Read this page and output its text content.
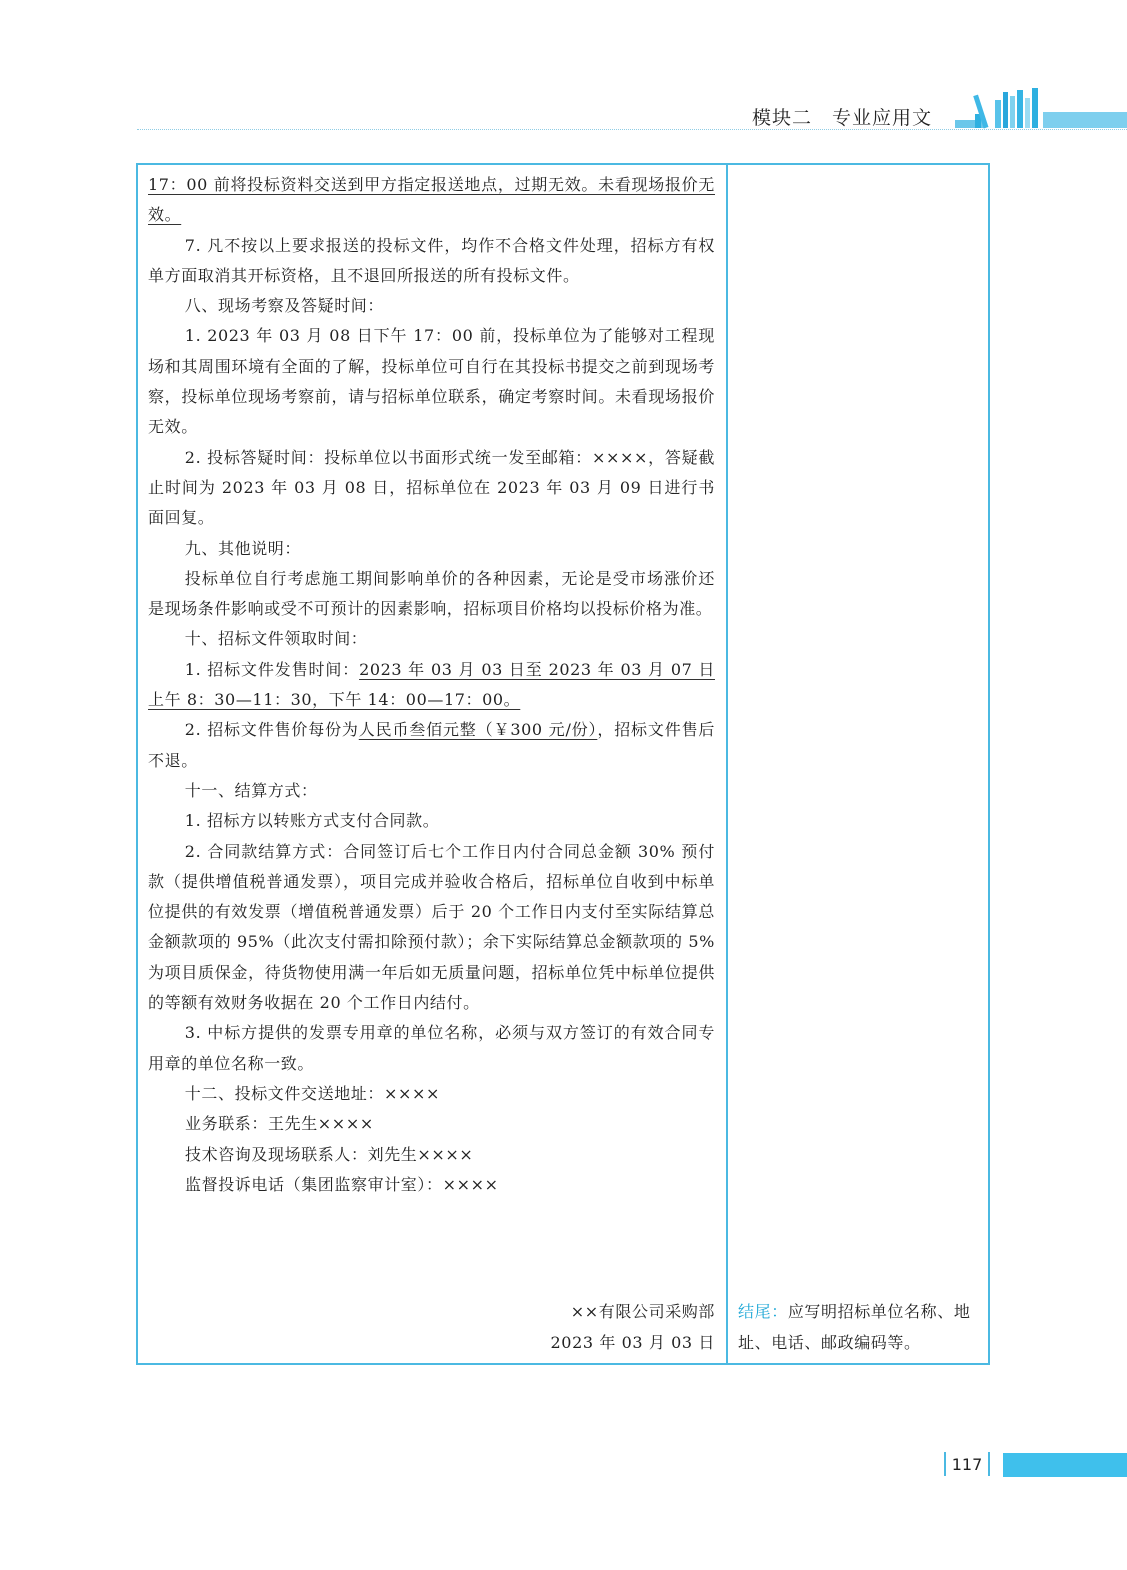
模块二　专业应用文

17：00 前将投标资料交送到甲方指定报送地点，过期无效。未看现场报价无效。

7. 凡不按以上要求报送的投标文件，均作不合格文件处理，招标方有权单方面取消其开标资格，且不退回所报送的所有投标文件。

八、现场考察及答疑时间：

1. 2023 年 03 月 08 日下午 17：00 前，投标单位为了能够对工程现场和其周围环境有全面的了解，投标单位可自行在其投标书提交之前到现场考察，投标单位现场考察前，请与招标单位联系，确定考察时间。未看现场报价无效。

2. 投标答疑时间：投标单位以书面形式统一发至邮箱：××××，答疑截止时间为 2023 年 03 月 08 日，招标单位在 2023 年 03 月 09 日进行书面回复。

九、其他说明：

投标单位自行考虑施工期间影响单价的各种因素，无论是受市场涨价还是现场条件影响或受不可预计的因素影响，招标项目价格均以投标价格为准。

十、招标文件领取时间：

1. 招标文件发售时间：2023 年 03 月 03 日至 2023 年 03 月 07 日上午 8：30—11：30，下午 14：00—17：00。

2. 招标文件售价每份为人民币叁佰元整（￥300 元/份），招标文件售后不退。

十一、结算方式：

1. 招标方以转账方式支付合同款。

2. 合同款结算方式：合同签订后七个工作日内付合同总金额 30% 预付款（提供增值税普通发票），项目完成并验收合格后，招标单位自收到中标单位提供的有效发票（增值税普通发票）后于 20 个工作日内支付至实际结算总金额款项的 95%（此次支付需扣除预付款）；余下实际结算总金额款项的 5% 为项目质保金，待货物使用满一年后如无质量问题，招标单位凭中标单位提供的等额有效财务收据在 20 个工作日内结付。

3. 中标方提供的发票专用章的单位名称，必须与双方签订的有效合同专用章的单位名称一致。

十二、投标文件交送地址：××××

业务联系：王先生××××

技术咨询及现场联系人：刘先生××××

监督投诉电话（集团监察审计室）：××××

××有限公司采购部
2023 年 03 月 03 日
结尾：应写明招标单位名称、地址、电话、邮政编码等。
117
